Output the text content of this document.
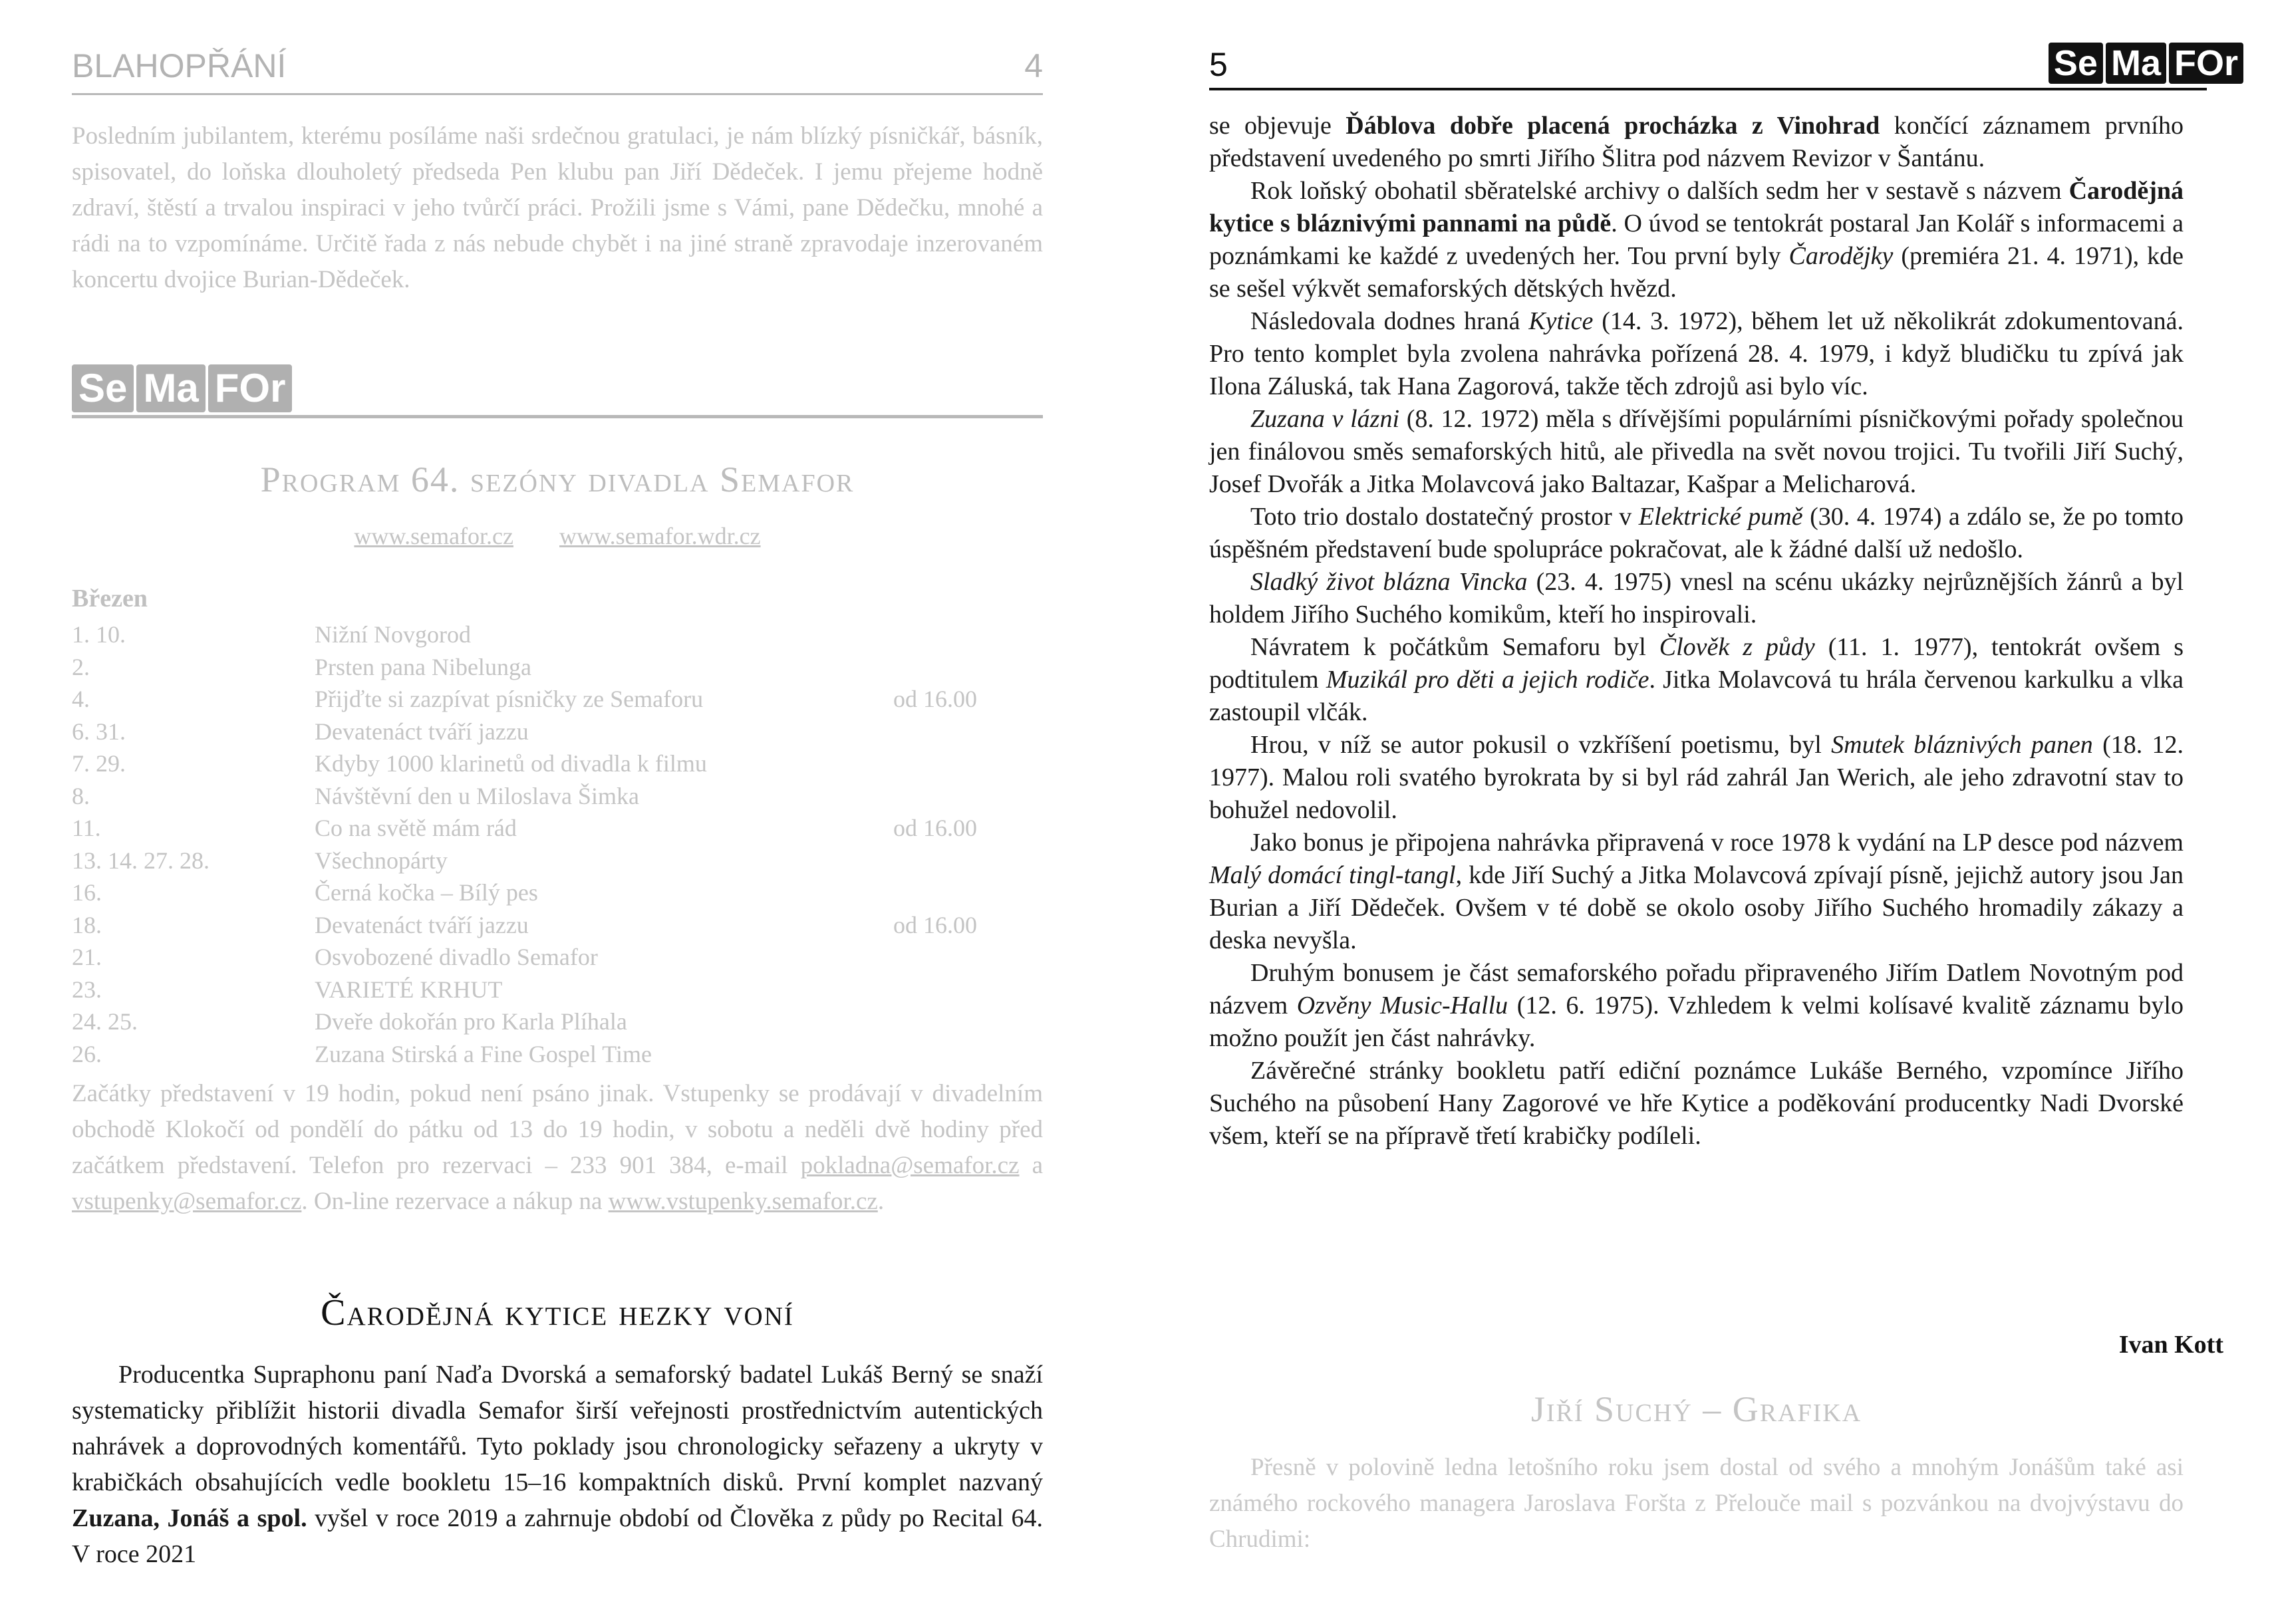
BLAHOPŘÁNÍ	4
Posledním jubilantem, kterému posíláme naši srdečnou gratulaci, je nám blízký písničkář, básník, spisovatel, do loňska dlouholetý předseda Pen klubu pan Jiří Dědeček. I jemu přejeme hodně zdraví, štěstí a trvalou inspiraci v jeho tvůrčí práci. Prožili jsme s Vámi, pane Dědečku, mnohé a rádi na to vzpomínáme. Určitě řada z nás nebude chybět i na jiné straně zpravodaje inzerovaném koncertu dvojice Burian-Dědeček.
Se Ma FOr
Program 64. sezóny divadla Semafor
www.semafor.cz www.semafor.wdr.cz
Březen
1. 10.	Nižní Novgorod
2.	Prsten pana Nibelunga
4.	Přijďte si zazpívat písničky ze Semaforu	od 16.00
6. 31.	Devatenáct tváří jazzu
7. 29.	Kdyby 1000 klarinetů od divadla k filmu
8.	Návštěvní den u Miloslava Šimka
11.	Co na světě mám rád	od 16.00
13. 14. 27. 28.	Všechnopárty
16.	Černá kočka – Bílý pes
18.	Devatenáct tváří jazzu	od 16.00
21.	Osvobozené divadlo Semafor
23.	VARIETÉ KRHUT
24. 25.	Dveře dokořán pro Karla Plíhala
26.	Zuzana Stirská a Fine Gospel Time
Začátky představení v 19 hodin, pokud není psáno jinak. Vstupenky se prodávají v divadelním obchodě Klokočí od pondělí do pátku od 13 do 19 hodin, v sobotu a neděli dvě hodiny před začátkem představení. Telefon pro rezervaci – 233 901 384, e-mail pokladna@semafor.cz a vstupenky@semafor.cz. On-line rezervace a nákup na www.vstupenky.semafor.cz.
Čarodějná kytice hezky voní

Producentka Supraphonu paní Naďa Dvorská a semaforský badatel Lukáš Berný se snaží systematicky přiblížit historii divadla Semafor širší veřejnosti prostřednictvím autentických nahrávek a doprovodných komentářů. Tyto poklady jsou chronologicky seřazeny a ukryty v krabičkách obsahujících vedle bookletu 15–16 kompaktních disků. První komplet nazvaný Zuzana, Jonáš a spol. vyšel v roce 2019 a zahrnuje období od Člověka z půdy po Recital 64. V roce 2021

5	Se Ma FOr

se objevuje Ďáblova dobře placená procházka z Vinohrad končící záznamem prvního představení uvedeného po smrti Jiřího Šlitra pod názvem Revizor v Šantánu.

Rok loňský obohatil sběratelské archivy o dalších sedm her v sestavě s názvem Čarodějná kytice s bláznivými pannami na půdě. O úvod se tentokrát postaral Jan Kolář s informacemi a poznámkami ke každé z uvedených her. Tou první byly Čarodějky (premiéra 21. 4. 1971), kde se sešel výkvět semaforských dětských hvězd.

Následovala dodnes hraná Kytice (14. 3. 1972), během let už několikrát zdokumentovaná. Pro tento komplet byla zvolena nahrávka pořízená 28. 4. 1979, i když bludičku tu zpívá jak Ilona Záluská, tak Hana Zagorová, takže těch zdrojů asi bylo víc.

Zuzana v lázni (8. 12. 1972) měla s dřívějšími populárními písničkovými pořady společnou jen finálovou směs semaforských hitů, ale přivedla na svět novou trojici. Tu tvořili Jiří Suchý, Josef Dvořák a Jitka Molavcová jako Baltazar, Kašpar a Melicharová.

Toto trio dostalo dostatečný prostor v Elektrické pumě (30. 4. 1974) a zdálo se, že po tomto úspěšném představení bude spolupráce pokračovat, ale k žádné další už nedošlo.

Sladký život blázna Vincka (23. 4. 1975) vnesl na scénu ukázky nejrůznějších žánrů a byl holdem Jiřího Suchého komikům, kteří ho inspirovali.

Návratem k počátkům Semaforu byl Člověk z půdy (11. 1. 1977), tentokrát ovšem s podtitulem Muzikál pro děti a jejich rodiče. Jitka Molavcová tu hrála červenou karkulku a vlka zastoupil vlčák.

Hrou, v níž se autor pokusil o vzkříšení poetismu, byl Smutek bláznivých panen (18. 12. 1977). Malou roli svatého byrokrata by si byl rád zahrál Jan Werich, ale jeho zdravotní stav to bohužel nedovolil.

Jako bonus je připojena nahrávka připravená v roce 1978 k vydání na LP desce pod názvem Malý domácí tingl-tangl, kde Jiří Suchý a Jitka Molavcová zpívají písně, jejichž autory jsou Jan Burian a Jiří Dědeček. Ovšem v té době se okolo osoby Jiřího Suchého hromadily zákazy a deska nevyšla.

Druhým bonusem je část semaforského pořadu připraveného Jiřím Datlem Novotným pod názvem Ozvěny Music-Hallu (12. 6. 1975). Vzhledem k velmi kolísavé kvalitě záznamu bylo možno použít jen část nahrávky.

Závěrečné stránky bookletu patří ediční poznámce Lukáše Berného, vzpomínce Jiřího Suchého na působení Hany Zagorové ve hře Kytice a poděkování producentky Nadi Dvorské všem, kteří se na přípravě třetí krabičky podíleli.

Ivan Kott
Jiří Suchý – Grafika

Přesně v polovině ledna letošního roku jsem dostal od svého a mnohým Jonášům také asi známého rockového managera Jaroslava Foršta z Přelouče mail s pozvánkou na dvojvýstavu do Chrudimi:
